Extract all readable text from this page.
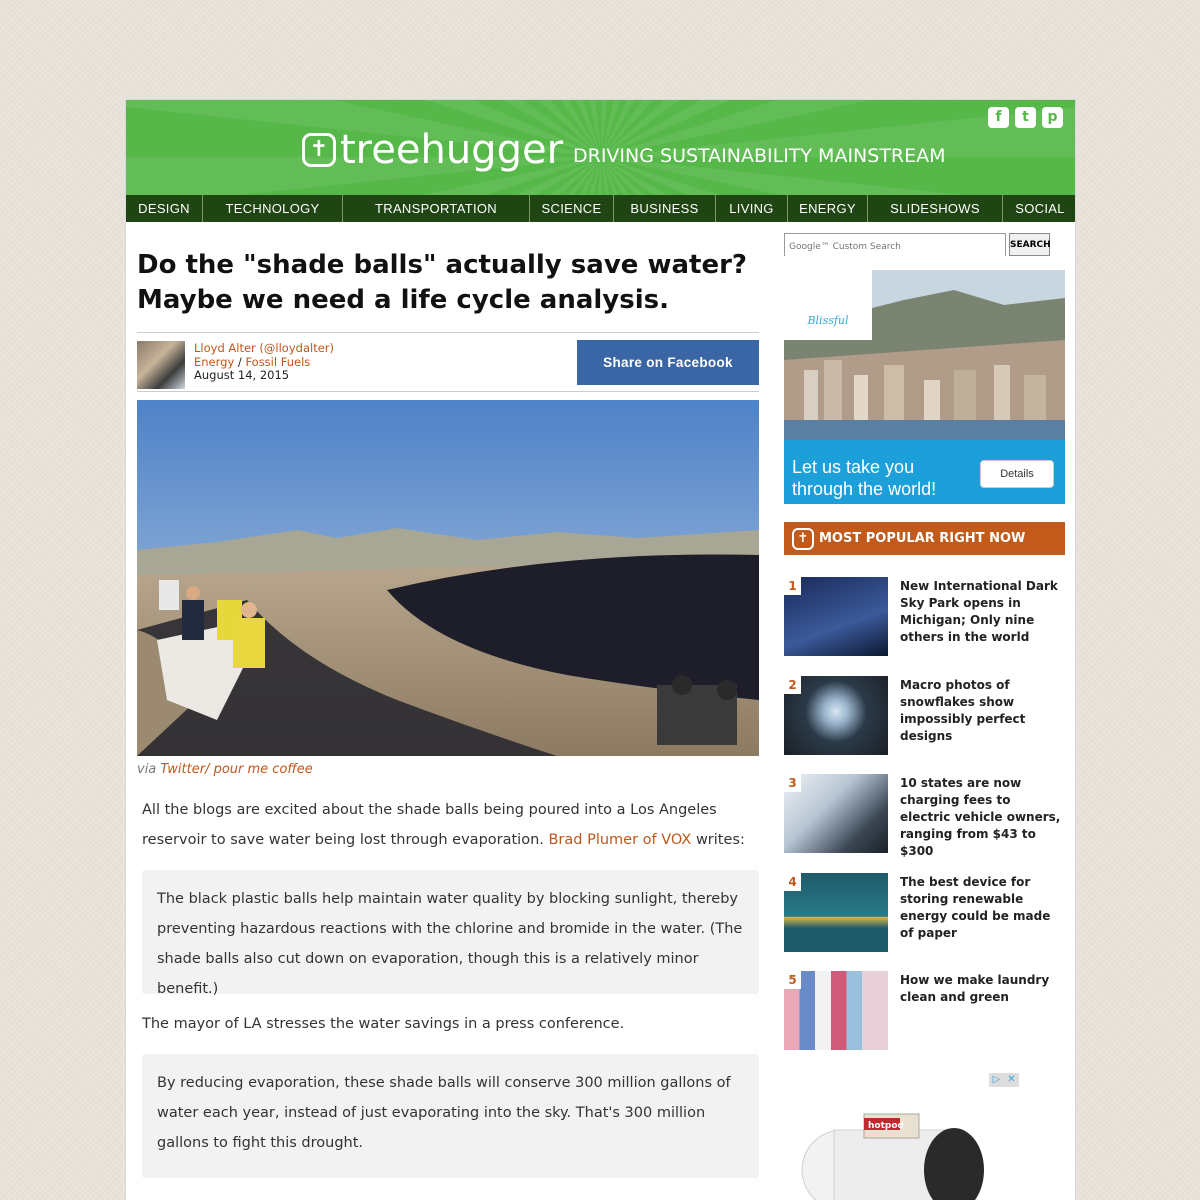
✝ treehugger DRIVING SUSTAINABILITY MAINSTREAM
f	t	p
DESIGN	TECHNOLOGY	TRANSPORTATION	SCIENCE	BUSINESS	LIVING	ENERGY	SLIDESHOWS	SOCIAL
Do the "shade balls" actually save water? Maybe we need a life cycle analysis.
Lloyd Alter (@lloydalter)
Energy / Fossil Fuels
August 14, 2015
Share on Facebook
via Twitter/ pour me coffee

All the blogs are excited about the shade balls being poured into a Los Angeles reservoir to save water being lost through evaporation. Brad Plumer of VOX writes:

The black plastic balls help maintain water quality by blocking sunlight, thereby preventing hazardous reactions with the chlorine and bromide in the water. (The shade balls also cut down on evaporation, though this is a relatively minor benefit.)

The mayor of LA stresses the water savings in a press conference.

By reducing evaporation, these shade balls will conserve 300 million gallons of water each year, instead of just evaporating into the sky. That's 300 million gallons to fight this drought.
Google™ Custom Search
SEARCH
Blissful
Let us take you
through the world!
Details
✝ MOST POPULAR RIGHT NOW
1	New International Dark Sky Park opens in Michigan; Only nine others in the world
2	Macro photos of snowflakes show impossibly perfect designs
3	10 states are now charging fees to electric vehicle owners, ranging from $43 to $300
4	The best device for storing renewable energy could be made of paper
5	How we make laundry clean and green
▷ ✕
hotpod
